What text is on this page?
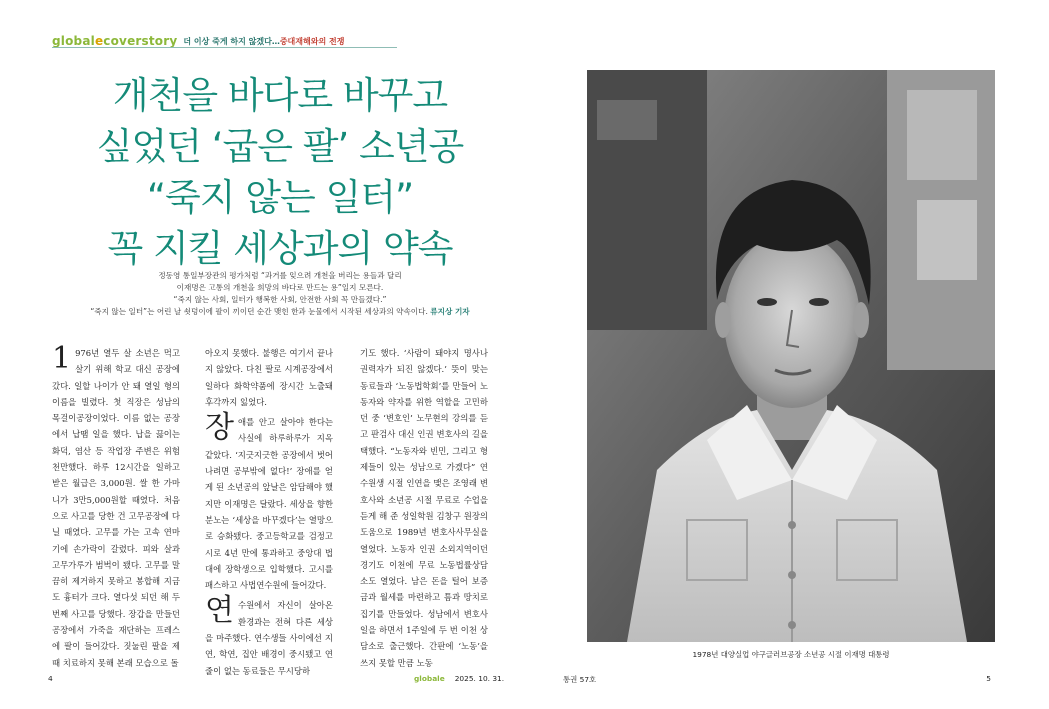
globalecoverstory 더 이상 죽게 하지 않겠다…중대재해와의 전쟁
개천을 바다로 바꾸고
싶었던 ‘굽은 팔’ 소년공
“죽지 않는 일터”
꼭 지킬 세상과의 약속
정동영 통일부장관의 평가처럼 “과거를 잊으려 개천을 버리는 용들과 달리
이재명은 고통의 개천을 희망의 바다로 만드는 용”일지 모른다.
“죽지 않는 사회, 일터가 행복한 사회, 안전한 사회 꼭 만들겠다.”
“죽지 않는 일터”는 어린 날 쇳덩이에 팔이 끼이던 순간 맺힌 한과 눈물에서 시작된 세상과의 약속이다. 류지상 기자
1 976년 열두 살 소년은 먹고 살기 위해 학교 대신 공장에 갔다. 일할 나이가 안 돼 열일 형의 이름을 빌렸다. 첫 직장은 성남의 목걸이공장이었다. 이름 없는 공장에서 납땜 일을 했다. 납을 끓이는 화덕, 염산 등 작업장 주변은 위험천만했다. 하루 12시간을 일하고 받은 월급은 3,000원. 쌀 한 가마니가 3만5,000원할 때였다. 처음으로 사고를 당한 건 고무공장에 다닐 때였다. 고무를 가는 고속 연마기에 손가락이 갈렸다. 피와 살과 고무가루가 범벅이 됐다. 고무를 말끔히 제거하지 못하고 봉합해 지금도 흉터가 크다. 열다섯 되던 해 두 번째 사고를 당했다. 장갑을 만들던 공장에서 가죽을 재단하는 프레스에 팔이 들어갔다. 짓눌린 팔을 제때 치료하지 못해 본래 모습으로 돌
아오지 못했다. 불행은 여기서 끝나지 않았다. 다친 팔로 시계공장에서 일하다 화학약품에 장시간 노출돼 후각까지 잃었다.
장애를 안고 살아야 한다는 사실에 하루하루가 지옥 같았다. ‘지긋지긋한 공장에서 벗어나려면 공부밖에 없다!’ 장애를 얻게 된 소년공의 앞날은 암담해야 했지만 이재명은 달랐다. 세상을 향한 분노는 ‘세상을 바꾸겠다’는 열망으로 승화됐다. 중고등학교를 검정고시로 4년 만에 통과하고 중앙대 법대에 장학생으로 입학했다. 고시를 패스하고 사법연수원에 들어갔다.
연수원에서 자신이 살아온 환경과는 전혀 다른 세상을 마주했다. 연수생들 사이에선 지연, 학연, 집안 배경이 중시됐고 연줄이 없는 동료들은 무시당하
기도 했다. ‘사람이 돼야지 명사나 권력자가 되진 않겠다.’ 뜻이 맞는 동료들과 ‘노동법학회’를 만들어 노동자와 약자를 위한 역할을 고민하던 중 ‘변호인’ 노무현의 강의를 듣고 판검사 대신 인권 변호사의 길을 택했다. “노동자와 빈민, 그리고 형제들이 있는 성남으로 가겠다” 연수원생 시절 인연을 맺은 조영래 변호사와 소년공 시절 무료로 수업을 듣게 해 준 성일학원 김창구 원장의 도움으로 1989년 변호사사무실을 열었다. 노동자 인권 소외지역이던 경기도 이천에 무료 노동법률상담소도 열었다. 남은 돈을 털어 보증금과 월세를 마련하고 틈과 땅치로 집기를 만들었다. 성남에서 변호사 일을 하면서 1주일에 두 번 이천 상담소로 출근했다. 간판에 ‘노동’을 쓰지 못할 만큼 노동
1978년 대양실업 야구글러브공장 소년공 시절 이재명 대통령
4	globale 2025. 10. 31.	통권 57호	5
